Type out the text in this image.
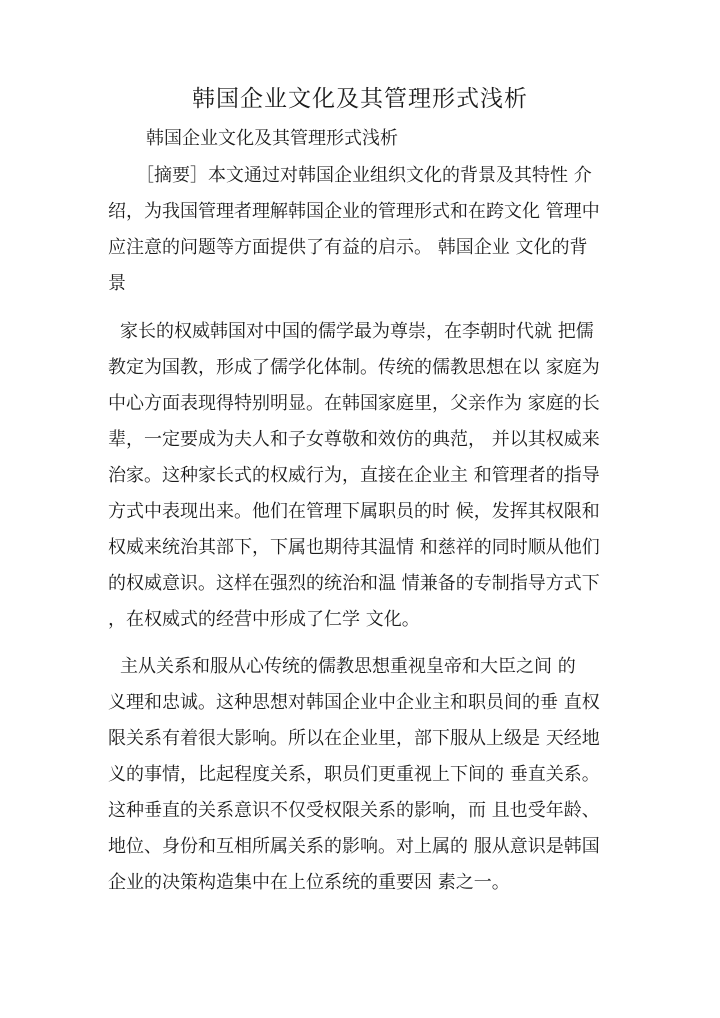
韩国企业文化及其管理形式浅析
韩国企业文化及其管理形式浅析
［摘要］本文通过对韩国企业组织文化的背景及其特性 介
绍，为我国管理者理解韩国企业的管理形式和在跨文化 管理中
应注意的问题等方面提供了有益的启示。 韩国企业 文化的背
景
家长的权威韩国对中国的儒学最为尊崇，在李朝时代就 把儒
教定为国教，形成了儒学化体制。传统的儒教思想在以 家庭为
中心方面表现得特别明显。在韩国家庭里，父亲作为 家庭的长
辈，一定要成为夫人和子女尊敬和效仿的典范， 并以其权威来
治家。这种家长式的权威行为，直接在企业主 和管理者的指导
方式中表现出来。他们在管理下属职员的时 候，发挥其权限和
权威来统治其部下，下属也期待其温情 和慈祥的同时顺从他们
的权威意识。这样在强烈的统治和温 情兼备的专制指导方式下
，在权威式的经营中形成了仁学 文化。
主从关系和服从心传统的儒教思想重视皇帝和大臣之间 的
义理和忠诚。这种思想对韩国企业中企业主和职员间的垂 直权
限关系有着很大影响。所以在企业里，部下服从上级是 天经地
义的事情，比起程度关系，职员们更重视上下间的 垂直关系。
这种垂直的关系意识不仅受权限关系的影响，而 且也受年龄、
地位、身份和互相所属关系的影响。对上属的 服从意识是韩国
企业的决策构造集中在上位系统的重要因 素之一。
